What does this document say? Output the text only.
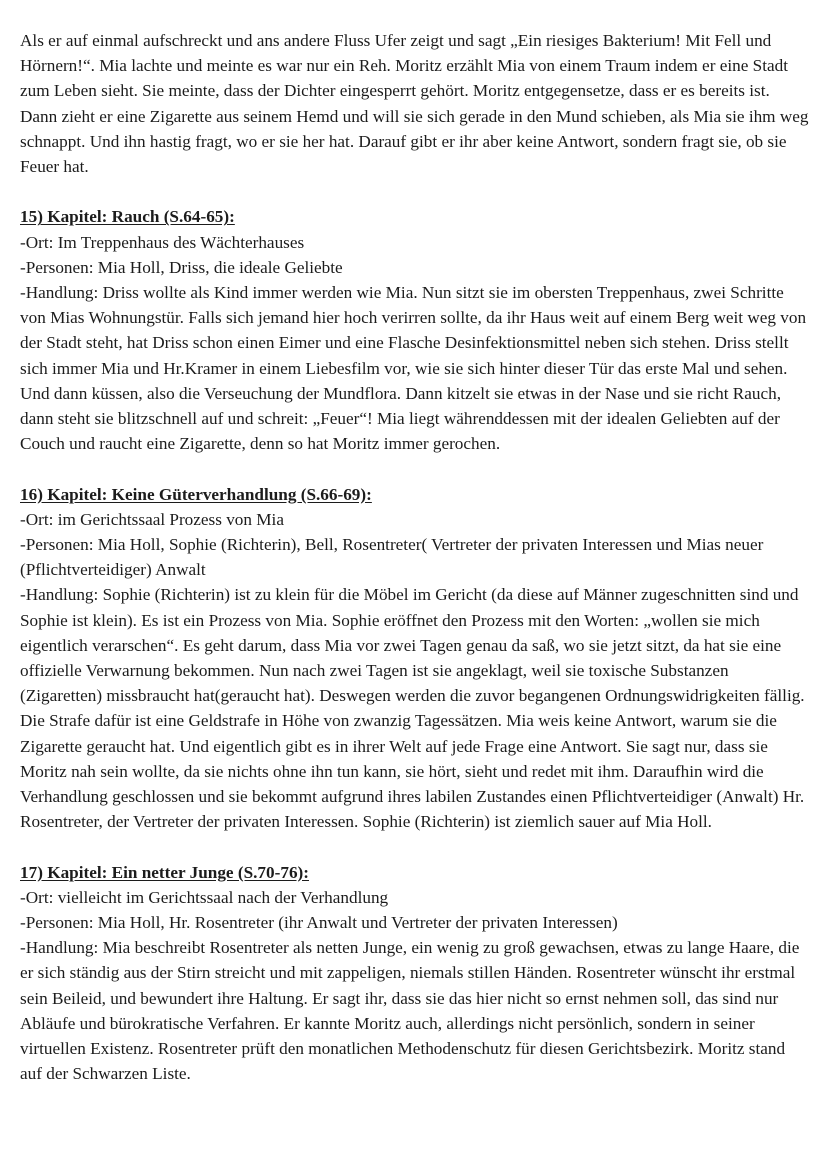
Als er auf einmal aufschreckt und ans andere Fluss Ufer zeigt und sagt „Ein riesiges Bakterium! Mit Fell und Hörnern!“. Mia lachte und meinte es war nur ein Reh. Moritz erzählt Mia von einem Traum indem er eine Stadt zum Leben sieht. Sie meinte, dass der Dichter eingesperrt gehört. Moritz entgegensetze, dass er es bereits ist. Dann zieht er eine Zigarette aus seinem Hemd und will sie sich gerade in den Mund schieben, als Mia sie ihm weg schnappt. Und ihn hastig fragt, wo er sie her hat. Darauf gibt er ihr aber keine Antwort, sondern fragt sie, ob sie Feuer hat.

15) Kapitel: Rauch (S.64-65):

-Ort: Im Treppenhaus des Wächterhauses

-Personen: Mia Holl, Driss, die ideale Geliebte

-Handlung: Driss wollte als Kind immer werden wie Mia. Nun sitzt sie im obersten Treppenhaus, zwei Schritte von Mias Wohnungstür. Falls sich jemand hier hoch verirren sollte, da ihr Haus weit auf einem Berg weit weg von der Stadt steht, hat Driss schon einen Eimer und eine Flasche Desinfektionsmittel neben sich stehen. Driss stellt sich immer Mia und Hr.Kramer in einem Liebesfilm vor, wie sie sich hinter dieser Tür das erste Mal und sehen. Und dann küssen, also die Verseuchung der Mundflora. Dann kitzelt sie etwas in der Nase und sie richt Rauch, dann steht sie blitzschnell auf und schreit: „Feuer“! Mia liegt währenddessen mit der idealen Geliebten auf der Couch und raucht eine Zigarette, denn so hat Moritz immer gerochen.

16) Kapitel: Keine Güterverhandlung (S.66-69):

-Ort: im Gerichtssaal Prozess von Mia

-Personen: Mia Holl, Sophie (Richterin), Bell, Rosentreter( Vertreter der privaten Interessen und Mias neuer (Pflichtverteidiger) Anwalt

-Handlung: Sophie (Richterin) ist zu klein für die Möbel im Gericht (da diese auf Männer zugeschnitten sind und Sophie ist klein). Es ist ein Prozess von Mia. Sophie eröffnet den Prozess mit den Worten: „wollen sie mich eigentlich verarschen“. Es geht darum, dass Mia vor zwei Tagen genau da saß, wo sie jetzt sitzt, da hat sie eine offizielle Verwarnung bekommen. Nun nach zwei Tagen ist sie angeklagt, weil sie toxische Substanzen (Zigaretten) missbraucht hat(geraucht hat). Deswegen werden die zuvor begangenen Ordnungswidrigkeiten fällig. Die Strafe dafür ist eine Geldstrafe in Höhe von zwanzig Tagessätzen. Mia weis keine Antwort, warum sie die Zigarette geraucht hat. Und eigentlich gibt es in ihrer Welt auf jede Frage eine Antwort. Sie sagt nur, dass sie Moritz nah sein wollte, da sie nichts ohne ihn tun kann, sie hört, sieht und redet mit ihm. Daraufhin wird die Verhandlung geschlossen und sie bekommt aufgrund ihres labilen Zustandes einen Pflichtverteidiger (Anwalt) Hr. Rosentreter, der Vertreter der privaten Interessen. Sophie (Richterin) ist ziemlich sauer auf Mia Holl.

17) Kapitel: Ein netter Junge (S.70-76):

-Ort: vielleicht im Gerichtssaal nach der Verhandlung

-Personen: Mia Holl, Hr. Rosentreter (ihr Anwalt und Vertreter der privaten Interessen)

-Handlung: Mia beschreibt Rosentreter als netten Junge, ein wenig zu groß gewachsen, etwas zu lange Haare, die er sich ständig aus der Stirn streicht und mit zappeligen, niemals stillen Händen. Rosentreter wünscht ihr erstmal sein Beileid, und bewundert ihre Haltung. Er sagt ihr, dass sie das hier nicht so ernst nehmen soll, das sind nur Abläufe und bürokratische Verfahren. Er kannte Moritz auch, allerdings nicht persönlich, sondern in seiner virtuellen Existenz. Rosentreter prüft den monatlichen Methodenschutz für diesen Gerichtsbezirk. Moritz stand auf der Schwarzen Liste.
